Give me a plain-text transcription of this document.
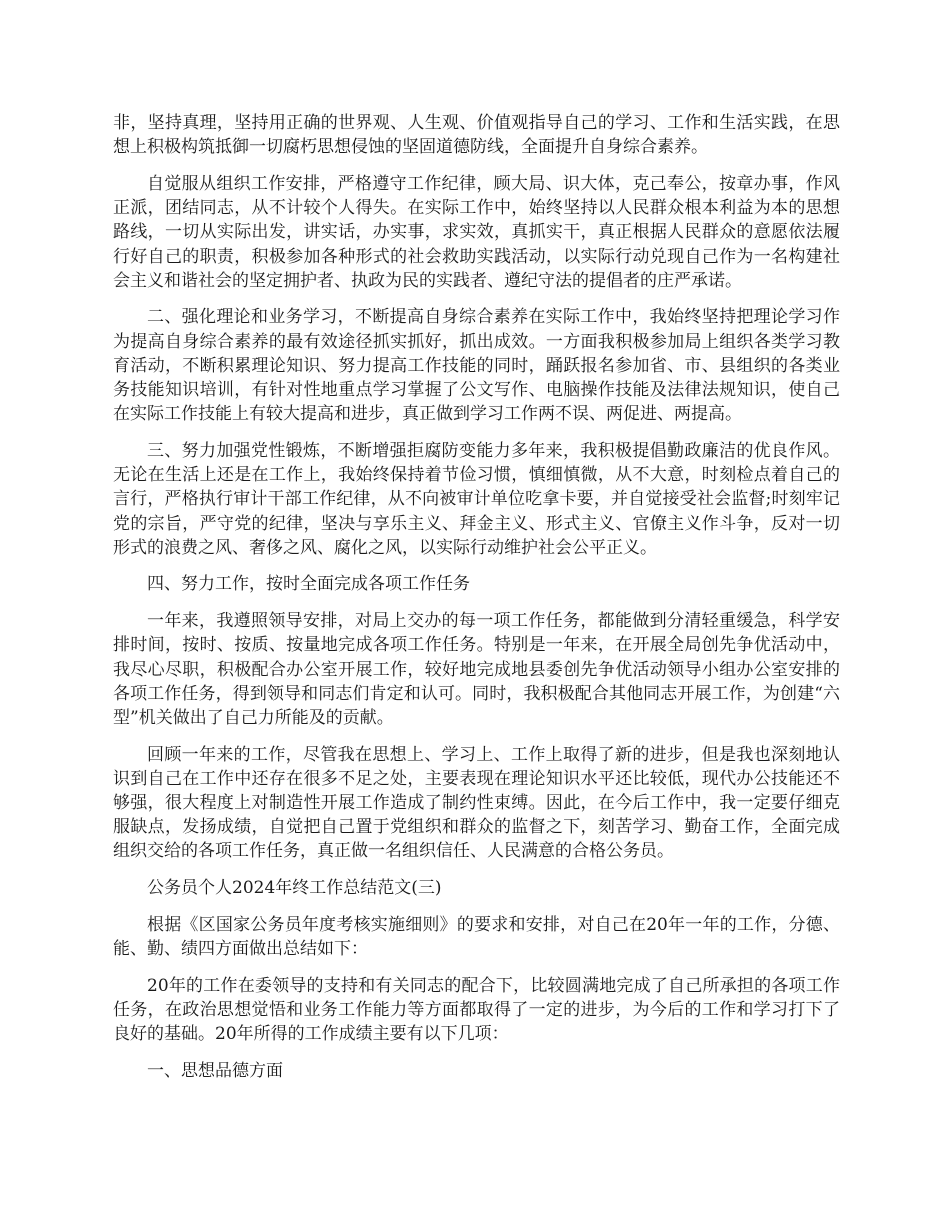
非，坚持真理，坚持用正确的世界观、人生观、价值观指导自己的学习、工作和生活实践，在思想上积极构筑抵御一切腐朽思想侵蚀的坚固道德防线，全面提升自身综合素养。

自觉服从组织工作安排，严格遵守工作纪律，顾大局、识大体，克己奉公，按章办事，作风正派，团结同志，从不计较个人得失。在实际工作中，始终坚持以人民群众根本利益为本的思想路线，一切从实际出发，讲实话，办实事，求实效，真抓实干，真正根据人民群众的意愿依法履行好自己的职责，积极参加各种形式的社会救助实践活动，以实际行动兑现自己作为一名构建社会主义和谐社会的坚定拥护者、执政为民的实践者、遵纪守法的提倡者的庄严承诺。

二、强化理论和业务学习，不断提高自身综合素养在实际工作中，我始终坚持把理论学习作为提高自身综合素养的最有效途径抓实抓好，抓出成效。一方面我积极参加局上组织各类学习教育活动，不断积累理论知识、努力提高工作技能的同时，踊跃报名参加省、市、县组织的各类业务技能知识培训，有针对性地重点学习掌握了公文写作、电脑操作技能及法律法规知识，使自己在实际工作技能上有较大提高和进步，真正做到学习工作两不误、两促进、两提高。

三、努力加强党性锻炼，不断增强拒腐防变能力多年来，我积极提倡勤政廉洁的优良作风。无论在生活上还是在工作上，我始终保持着节俭习惯，慎细慎微，从不大意，时刻检点着自己的言行，严格执行审计干部工作纪律，从不向被审计单位吃拿卡要，并自觉接受社会监督;时刻牢记党的宗旨，严守党的纪律，坚决与享乐主义、拜金主义、形式主义、官僚主义作斗争，反对一切形式的浪费之风、奢侈之风、腐化之风，以实际行动维护社会公平正义。

四、努力工作，按时全面完成各项工作任务

一年来，我遵照领导安排，对局上交办的每一项工作任务，都能做到分清轻重缓急，科学安排时间，按时、按质、按量地完成各项工作任务。特别是一年来，在开展全局创先争优活动中，我尽心尽职，积极配合办公室开展工作，较好地完成地县委创先争优活动领导小组办公室安排的各项工作任务，得到领导和同志们肯定和认可。同时，我积极配合其他同志开展工作，为创建“六型”机关做出了自己力所能及的贡献。

回顾一年来的工作，尽管我在思想上、学习上、工作上取得了新的进步，但是我也深刻地认识到自己在工作中还存在很多不足之处，主要表现在理论知识水平还比较低，现代办公技能还不够强，很大程度上对制造性开展工作造成了制约性束缚。因此，在今后工作中，我一定要仔细克服缺点，发扬成绩，自觉把自己置于党组织和群众的监督之下，刻苦学习、勤奋工作，全面完成组织交给的各项工作任务，真正做一名组织信任、人民满意的合格公务员。

公务员个人2024年终工作总结范文(三)

根据《区国家公务员年度考核实施细则》的要求和安排，对自己在20年一年的工作，分德、能、勤、绩四方面做出总结如下：

20年的工作在委领导的支持和有关同志的配合下，比较圆满地完成了自己所承担的各项工作任务，在政治思想觉悟和业务工作能力等方面都取得了一定的进步，为今后的工作和学习打下了良好的基础。20年所得的工作成绩主要有以下几项：

一、思想品德方面
